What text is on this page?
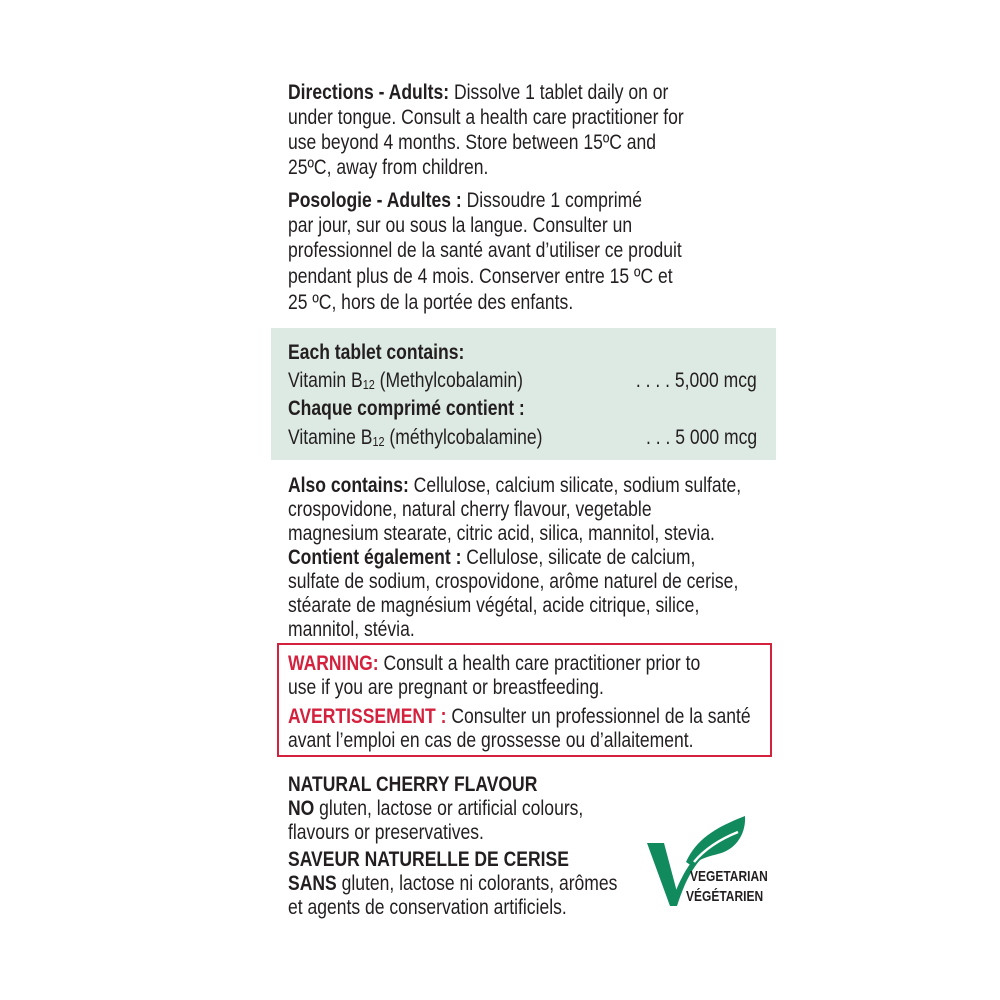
Directions - Adults: Dissolve 1 tablet daily on or
under tongue. Consult a health care practitioner for
use beyond 4 months. Store between 15ºC and
25ºC, away from children.
Posologie - Adultes : Dissoudre 1 comprimé
par jour, sur ou sous la langue. Consulter un
professionnel de la santé avant d’utiliser ce produit
pendant plus de 4 mois. Conserver entre 15 ºC et
25 ºC, hors de la portée des enfants.
Each tablet contains:
Vitamin B12 (Methylcobalamin)	. . . . 5,000 mcg
Chaque comprimé contient :
Vitamine B12 (méthylcobalamine)	. . . 5 000 mcg
Also contains: Cellulose, calcium silicate, sodium sulfate,
crospovidone, natural cherry flavour, vegetable
magnesium stearate, citric acid, silica, mannitol, stevia.
Contient également : Cellulose, silicate de calcium,
sulfate de sodium, crospovidone, arôme naturel de cerise,
stéarate de magnésium végétal, acide citrique, silice,
mannitol, stévia.
WARNING: Consult a health care practitioner prior to
use if you are pregnant or breastfeeding.
AVERTISSEMENT : Consulter un professionnel de la santé
avant l’emploi en cas de grossesse ou d’allaitement.
NATURAL CHERRY FLAVOUR
NO gluten, lactose or artificial colours,
flavours or preservatives.
SAVEUR NATURELLE DE CERISE
SANS gluten, lactose ni colorants, arômes
et agents de conservation artificiels.
VEGETARIAN
VÉGÉTARIEN
